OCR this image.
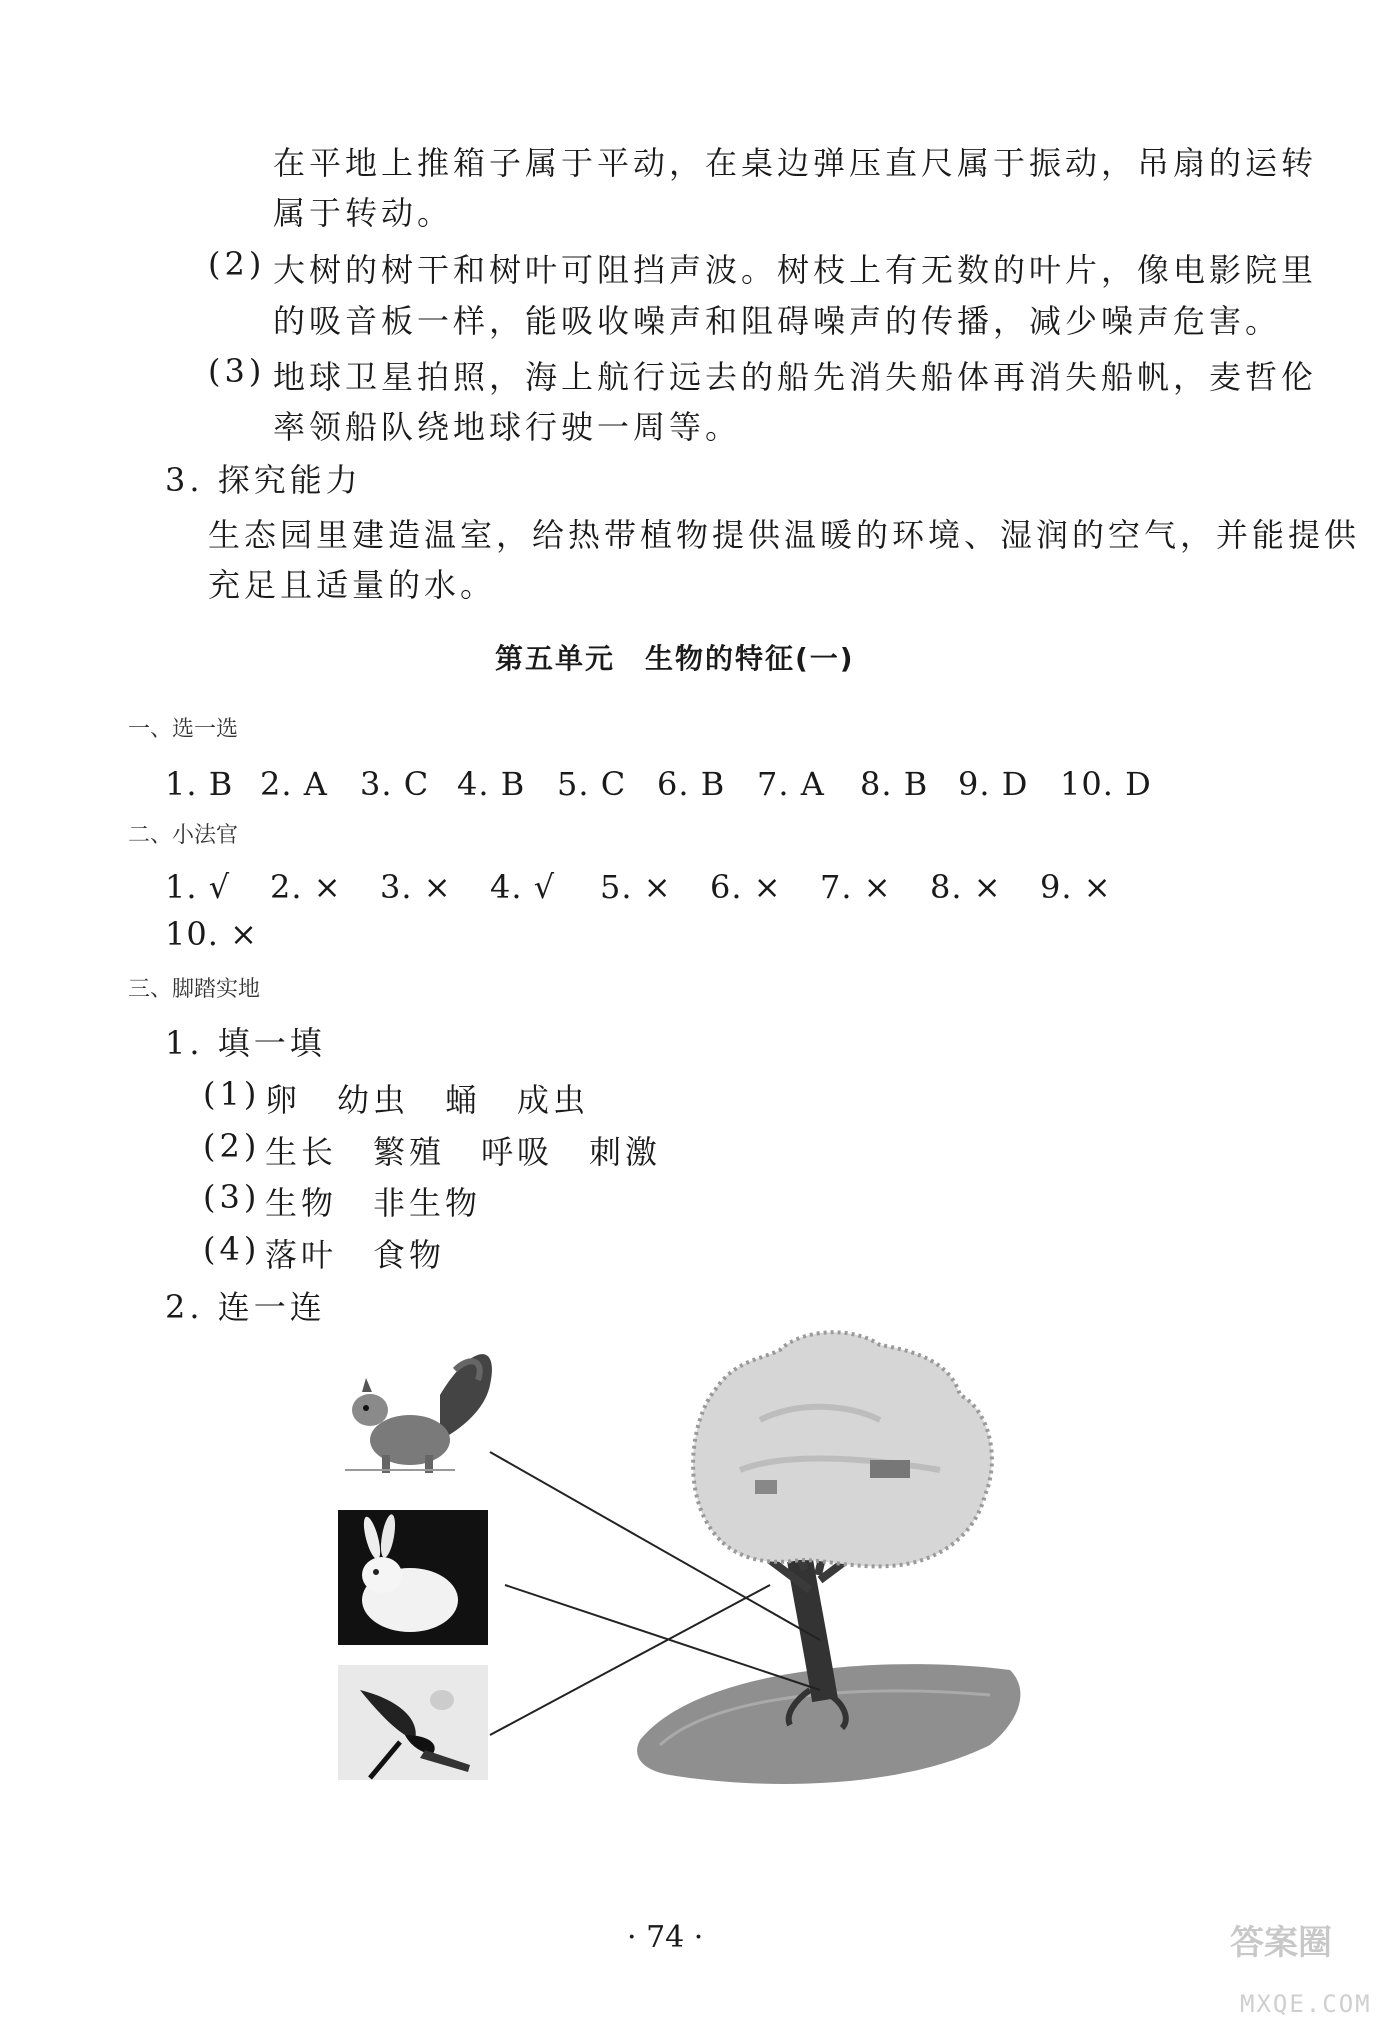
在平地上推箱子属于平动，在桌边弹压直尺属于振动，吊扇的运转
属于转动。
(2) 大树的树干和树叶可阻挡声波。树枝上有无数的叶片，像电影院里
的吸音板一样，能吸收噪声和阻碍噪声的传播，减少噪声危害。
(3) 地球卫星拍照，海上航行远去的船先消失船体再消失船帆，麦哲伦
率领船队绕地球行驶一周等。
3. 探究能力
生态园里建造温室，给热带植物提供温暖的环境、湿润的空气，并能提供
充足且适量的水。
第五单元　生物的特征(一)
一、选一选
1. B 2. A 3. C 4. B 5. C 6. B 7. A 8. B 9. D 10. D
二、小法官
1. √ 2. × 3. × 4. √ 5. × 6. × 7. × 8. × 9. ×
10. ×
三、脚踏实地
1. 填一填
(1) 卵　幼虫　蛹　成虫
(2) 生长　繁殖　呼吸　刺激
(3) 生物　非生物
(4) 落叶　食物
2. 连一连
· 74 ·	答案圈
MXQE.COM
